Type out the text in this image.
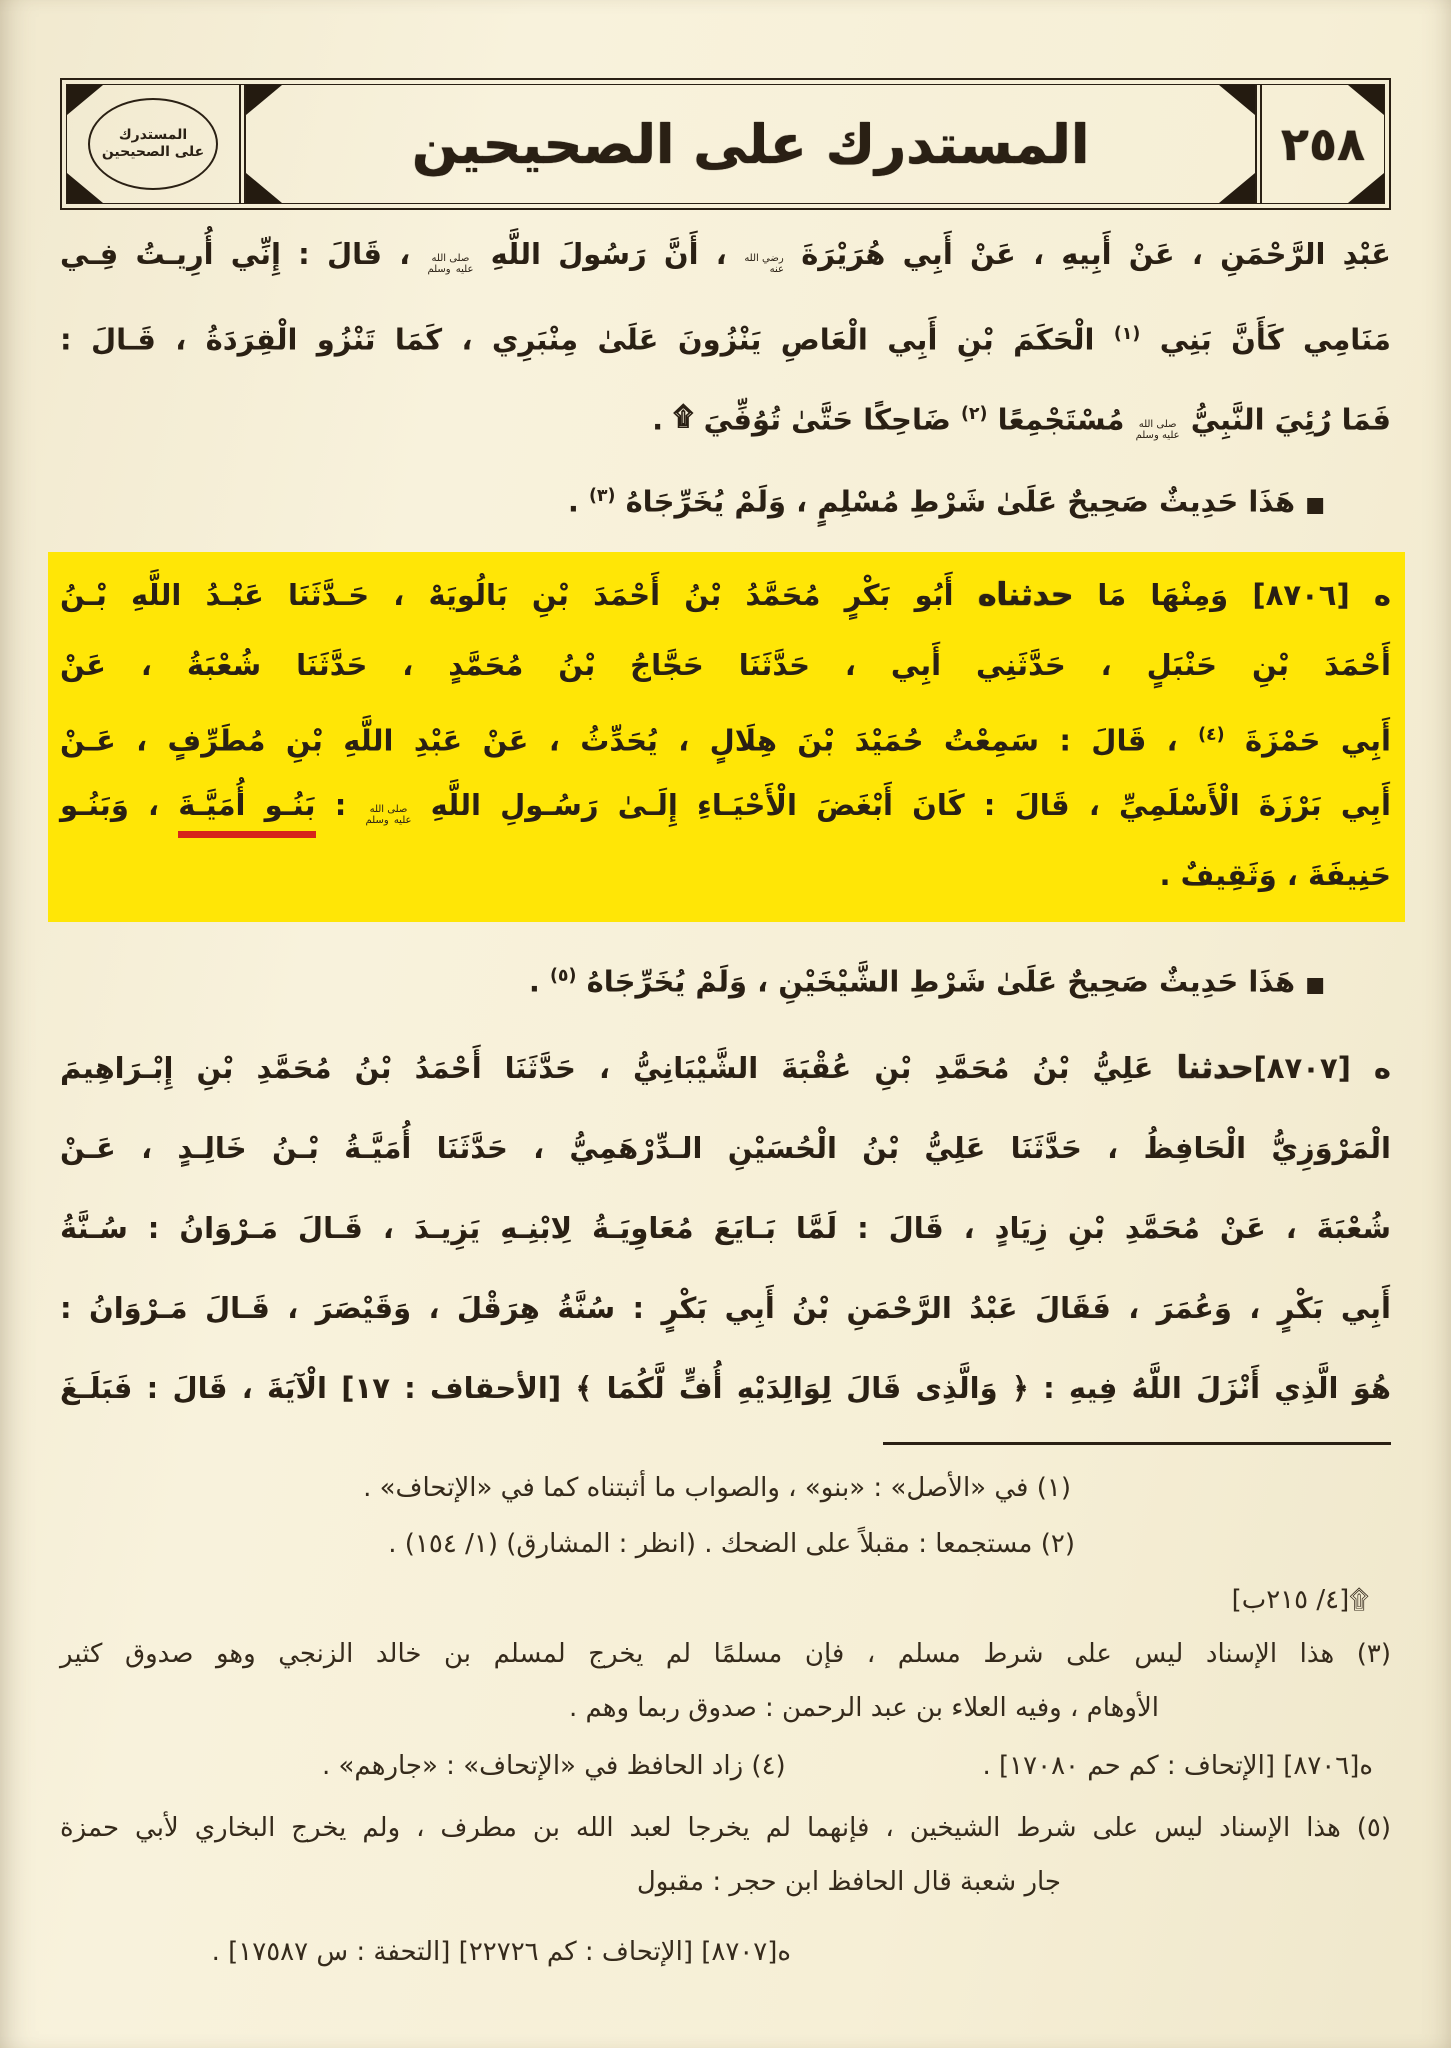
المستدرك
على الصحيحين	المستدرك على الصحيحين	٢٥٨
عَبْدِ الرَّحْمَنِ ، عَنْ أَبِيهِ ، عَنْ أَبِي هُرَيْرَةَ رضي الله عنه ، أَنَّ رَسُولَ اللَّهِ صلى الله عليه وسلم ، قَالَ : إِنِّي أُرِيـتُ فِـي
مَنَامِي كَأَنَّ بَنِي $^{(١)}$ الْحَكَمَ بْنِ أَبِي الْعَاصِ يَنْزُونَ عَلَىٰ مِنْبَرِي ، كَمَا تَنْزُو الْقِرَدَةُ ، قَـالَ :
فَمَا رُئِيَ النَّبِيُّ صلى الله عليه وسلم مُسْتَجْمِعًا $^{(٢)}$ ضَاحِكًا حَتَّىٰ تُوُفِّيَ ۩ .
■ هَذَا حَدِيثٌ صَحِيحٌ عَلَىٰ شَرْطِ مُسْلِمٍ ، وَلَمْ يُخَرِّجَاهُ $^{(٣)}$ .
ه [٨٧٠٦] وَمِنْهَا مَا حدثناه أَبُو بَكْرٍ مُحَمَّدُ بْنُ أَحْمَدَ بْنِ بَالُويَهْ ، حَـدَّثَنَا عَبْـدُ اللَّهِ بْـنُ
أَحْمَدَ بْنِ حَنْبَلٍ ، حَدَّثَنِي أَبِي ، حَدَّثَنَا حَجَّاجُ بْنُ مُحَمَّدٍ ، حَدَّثَنَا شُعْبَةُ ، عَنْ
أَبِي حَمْزَةَ $^{(٤)}$ ، قَالَ : سَمِعْتُ حُمَيْدَ بْنَ هِلَالٍ ، يُحَدِّثُ ، عَنْ عَبْدِ اللَّهِ بْنِ مُطَرِّفٍ ، عَـنْ
أَبِي بَرْزَةَ الْأَسْلَمِيِّ ، قَالَ : كَانَ أَبْغَضَ الْأَحْيَـاءِ إِلَـىٰ رَسُـولِ اللَّهِ صلى الله عليه وسلم : بَنُـو أُمَيَّـةَ ، وَبَنُـو
حَنِيفَةَ ، وَثَقِيفٌ .
■ هَذَا حَدِيثٌ صَحِيحٌ عَلَىٰ شَرْطِ الشَّيْخَيْنِ ، وَلَمْ يُخَرِّجَاهُ $^{(٥)}$ .
ه [٨٧٠٧]حدثنا عَلِيُّ بْنُ مُحَمَّدِ بْنِ عُقْبَةَ الشَّيْبَانِيُّ ، حَدَّثَنَا أَحْمَدُ بْنُ مُحَمَّدِ بْنِ إِبْـرَاهِيمَ
الْمَرْوَزِيُّ الْحَافِظُ ، حَدَّثَنَا عَلِيُّ بْنُ الْحُسَيْنِ الـدِّرْهَمِيُّ ، حَدَّثَنَا أُمَيَّـةُ بْـنُ خَالِـدٍ ، عَـنْ
شُعْبَةَ ، عَنْ مُحَمَّدِ بْنِ زِيَادٍ ، قَالَ : لَمَّا بَـايَعَ مُعَاوِيَـةُ لِابْنِـهِ يَزِيـدَ ، قَـالَ مَـرْوَانُ : سُـنَّةُ
أَبِي بَكْرٍ ، وَعُمَرَ ، فَقَالَ عَبْدُ الرَّحْمَنِ بْنُ أَبِي بَكْرٍ : سُنَّةُ هِرَقْلَ ، وَقَيْصَرَ ، قَـالَ مَـرْوَانُ :
هُوَ الَّذِي أَنْزَلَ اللَّهُ فِيهِ : ﴿ وَالَّذِى قَالَ لِوَالِدَيْهِ أُفٍّ لَّكُمَا ﴾ [الأحقاف : ١٧] الْآيَةَ ، قَالَ : فَبَلَـغَ
(١) في «الأصل» : «بنو» ، والصواب ما أثبتناه كما في «الإتحاف» .
(٢) مستجمعا : مقبلاً على الضحك . (انظر : المشارق) (١/ ١٥٤) .
۩[٤/ ٢١٥ب]
(٣) هذا الإسناد ليس على شرط مسلم ، فإن مسلمًا لم يخرج لمسلم بن خالد الزنجي وهو صدوق كثير
الأوهام ، وفيه العلاء بن عبد الرحمن : صدوق ربما وهم .
ه[٨٧٠٦] [الإتحاف : كم حم ١٧٠٨٠] .
(٤) زاد الحافظ في «الإتحاف» : «جارهم» .
(٥) هذا الإسناد ليس على شرط الشيخين ، فإنهما لم يخرجا لعبد الله بن مطرف ، ولم يخرج البخاري لأبي حمزة
جار شعبة قال الحافظ ابن حجر : مقبول
ه[٨٧٠٧] [الإتحاف : كم ٢٢٧٢٦] [التحفة : س ١٧٥٨٧] .
